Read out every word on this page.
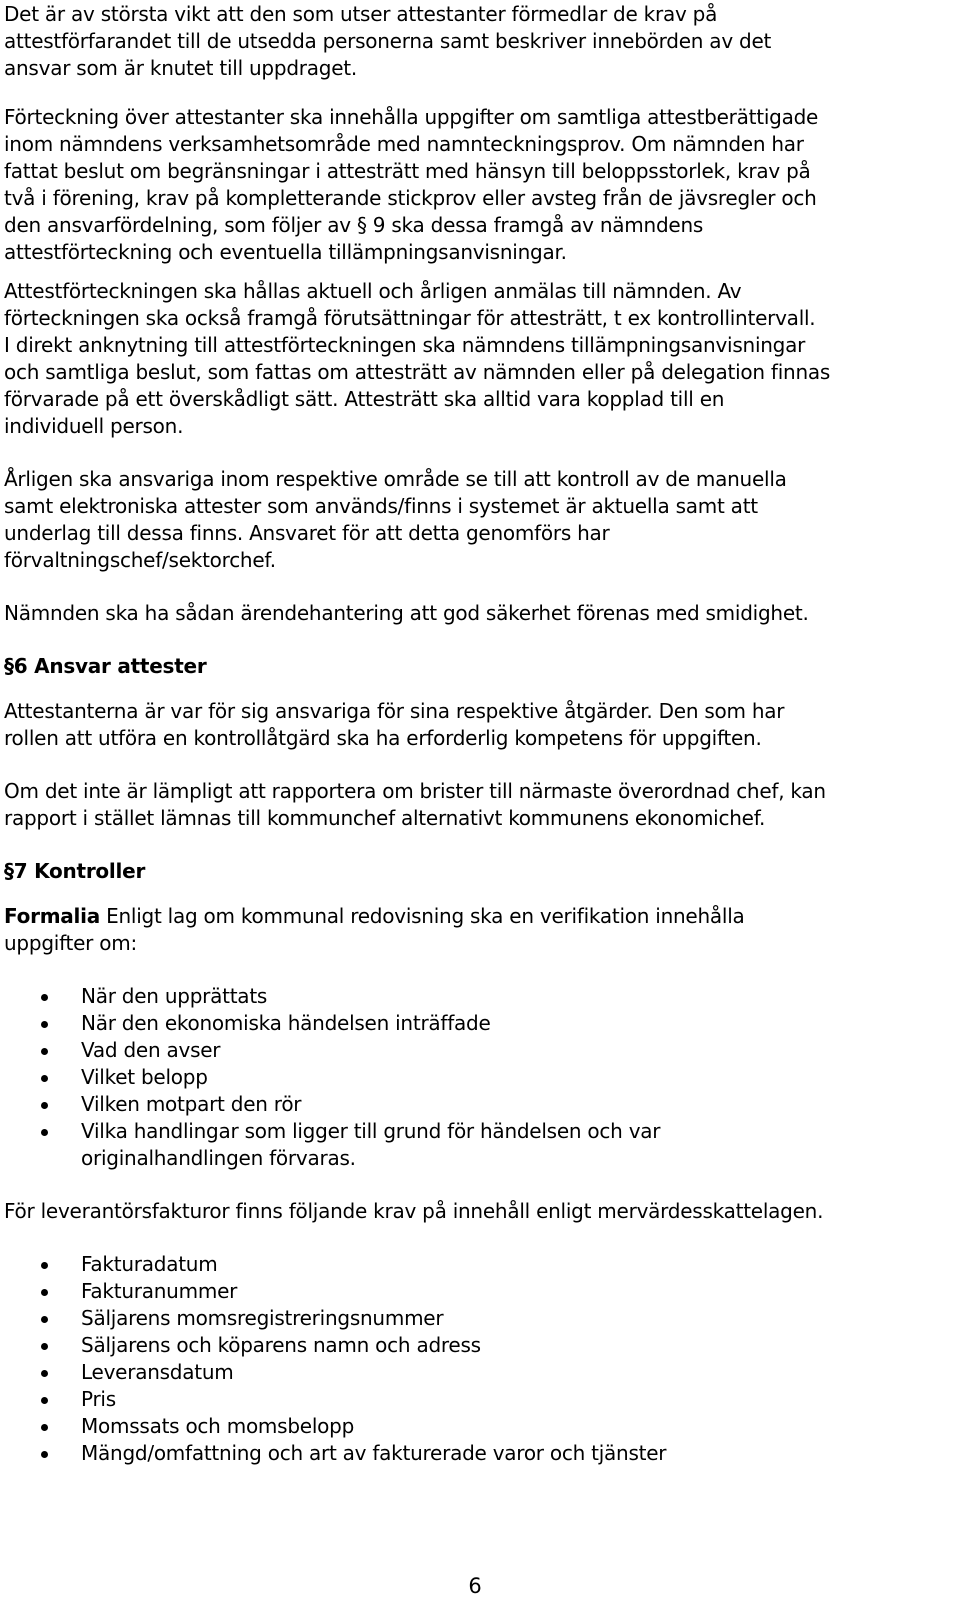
Det är av största vikt att den som utser attestanter förmedlar de krav på
attestförfarandet till de utsedda personerna samt beskriver innebörden av det
ansvar som är knutet till uppdraget.

Förteckning över attestanter ska innehålla uppgifter om samtliga attestberättigade
inom nämndens verksamhetsområde med namnteckningsprov. Om nämnden har
fattat beslut om begränsningar i attesträtt med hänsyn till beloppsstorlek, krav på
två i förening, krav på kompletterande stickprov eller avsteg från de jävsregler och
den ansvarfördelning, som följer av § 9 ska dessa framgå av nämndens
attestförteckning och eventuella tillämpningsanvisningar.

Attestförteckningen ska hållas aktuell och årligen anmälas till nämnden. Av
förteckningen ska också framgå förutsättningar för attesträtt, t ex kontrollintervall.
I direkt anknytning till attestförteckningen ska nämndens tillämpningsanvisningar
och samtliga beslut, som fattas om attesträtt av nämnden eller på delegation finnas
förvarade på ett överskådligt sätt. Attesträtt ska alltid vara kopplad till en
individuell person.

Årligen ska ansvariga inom respektive område se till att kontroll av de manuella
samt elektroniska attester som används/finns i systemet är aktuella samt att
underlag till dessa finns. Ansvaret för att detta genomförs har
förvaltningschef/sektorchef.

Nämnden ska ha sådan ärendehantering att god säkerhet förenas med smidighet.

§6 Ansvar attester

Attestanterna är var för sig ansvariga för sina respektive åtgärder. Den som har
rollen att utföra en kontrollåtgärd ska ha erforderlig kompetens för uppgiften.

Om det inte är lämpligt att rapportera om brister till närmaste överordnad chef, kan
rapport i stället lämnas till kommunchef alternativt kommunens ekonomichef.

§7 Kontroller

Formalia Enligt lag om kommunal redovisning ska en verifikation innehålla
uppgifter om:

När den upprättats
När den ekonomiska händelsen inträffade
Vad den avser
Vilket belopp
Vilken motpart den rör
Vilka handlingar som ligger till grund för händelsen och var
originalhandlingen förvaras.

För leverantörsfakturor finns följande krav på innehåll enligt mervärdesskattelagen.

Fakturadatum
Fakturanummer
Säljarens momsregistreringsnummer
Säljarens och köparens namn och adress
Leveransdatum
Pris
Momssats och momsbelopp
Mängd/omfattning och art av fakturerade varor och tjänster
6
